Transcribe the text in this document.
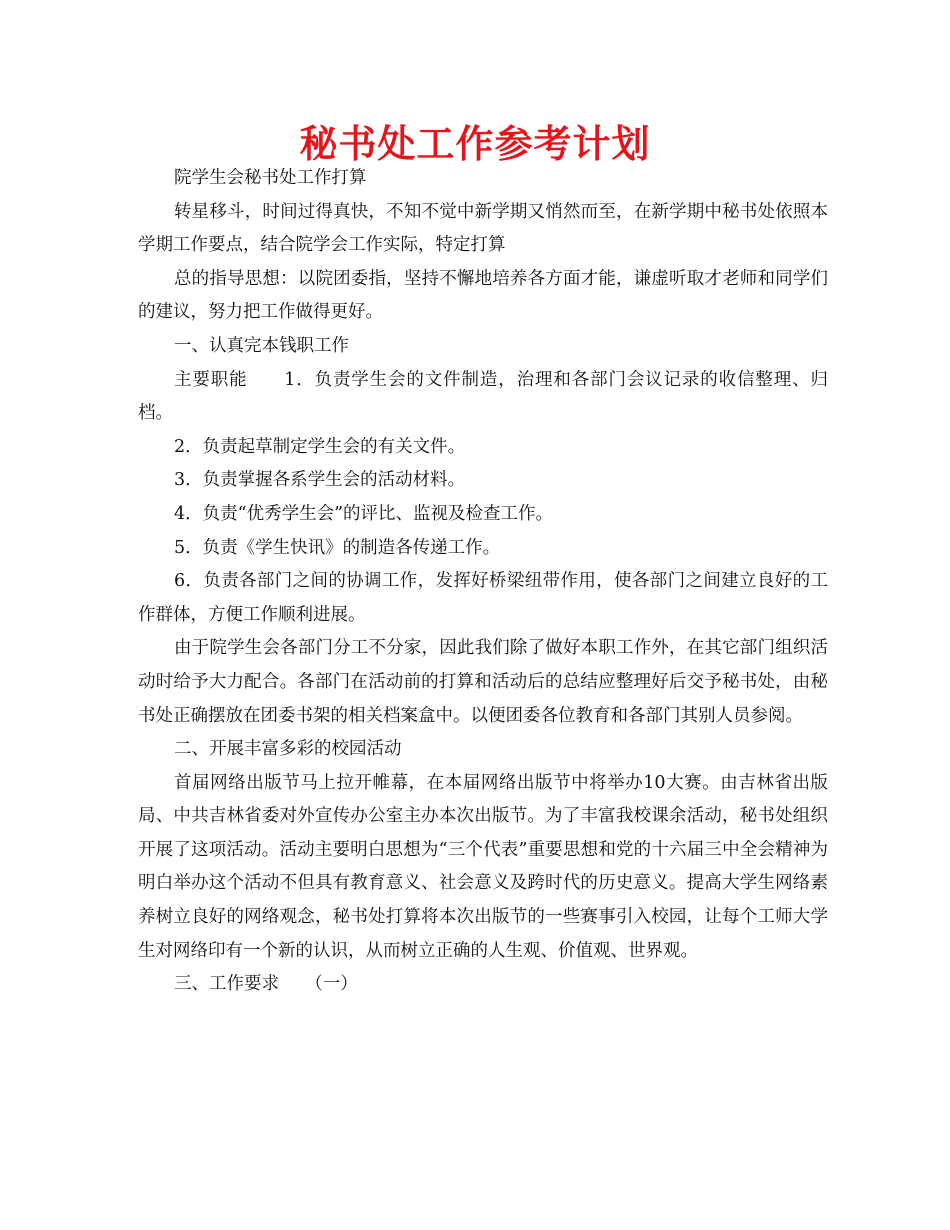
秘书处工作参考计划

院学生会秘书处工作打算

转星移斗，时间过得真快，不知不觉中新学期又悄然而至，在新学期中秘书处依照本学期工作要点，结合院学会工作实际，特定打算

总的指导思想：以院团委指，坚持不懈地培养各方面才能，谦虚听取才老师和同学们的建议，努力把工作做得更好。

一、认真完本钱职工作

主要职能　　1．负责学生会的文件制造，治理和各部门会议记录的收信整理、归档。

2．负责起草制定学生会的有关文件。

3．负责掌握各系学生会的活动材料。

4．负责“优秀学生会”的评比、监视及检查工作。

5．负责《学生快讯》的制造各传递工作。

6．负责各部门之间的协调工作，发挥好桥梁纽带作用，使各部门之间建立良好的工作群体，方便工作顺利进展。

由于院学生会各部门分工不分家，因此我们除了做好本职工作外，在其它部门组织活动时给予大力配合。各部门在活动前的打算和活动后的总结应整理好后交予秘书处，由秘书处正确摆放在团委书架的相关档案盒中。以便团委各位教育和各部门其别人员参阅。

二、开展丰富多彩的校园活动

首届网络出版节马上拉开帷幕，在本届网络出版节中将举办10大赛。由吉林省出版局、中共吉林省委对外宣传办公室主办本次出版节。为了丰富我校课余活动，秘书处组织开展了这项活动。活动主要明白思想为“三个代表”重要思想和党的十六届三中全会精神为明白举办这个活动不但具有教育意义、社会意义及跨时代的历史意义。提高大学生网络素养树立良好的网络观念，秘书处打算将本次出版节的一些赛事引入校园，让每个工师大学生对网络印有一个新的认识，从而树立正确的人生观、价值观、世界观。

三、工作要求　　（一）
